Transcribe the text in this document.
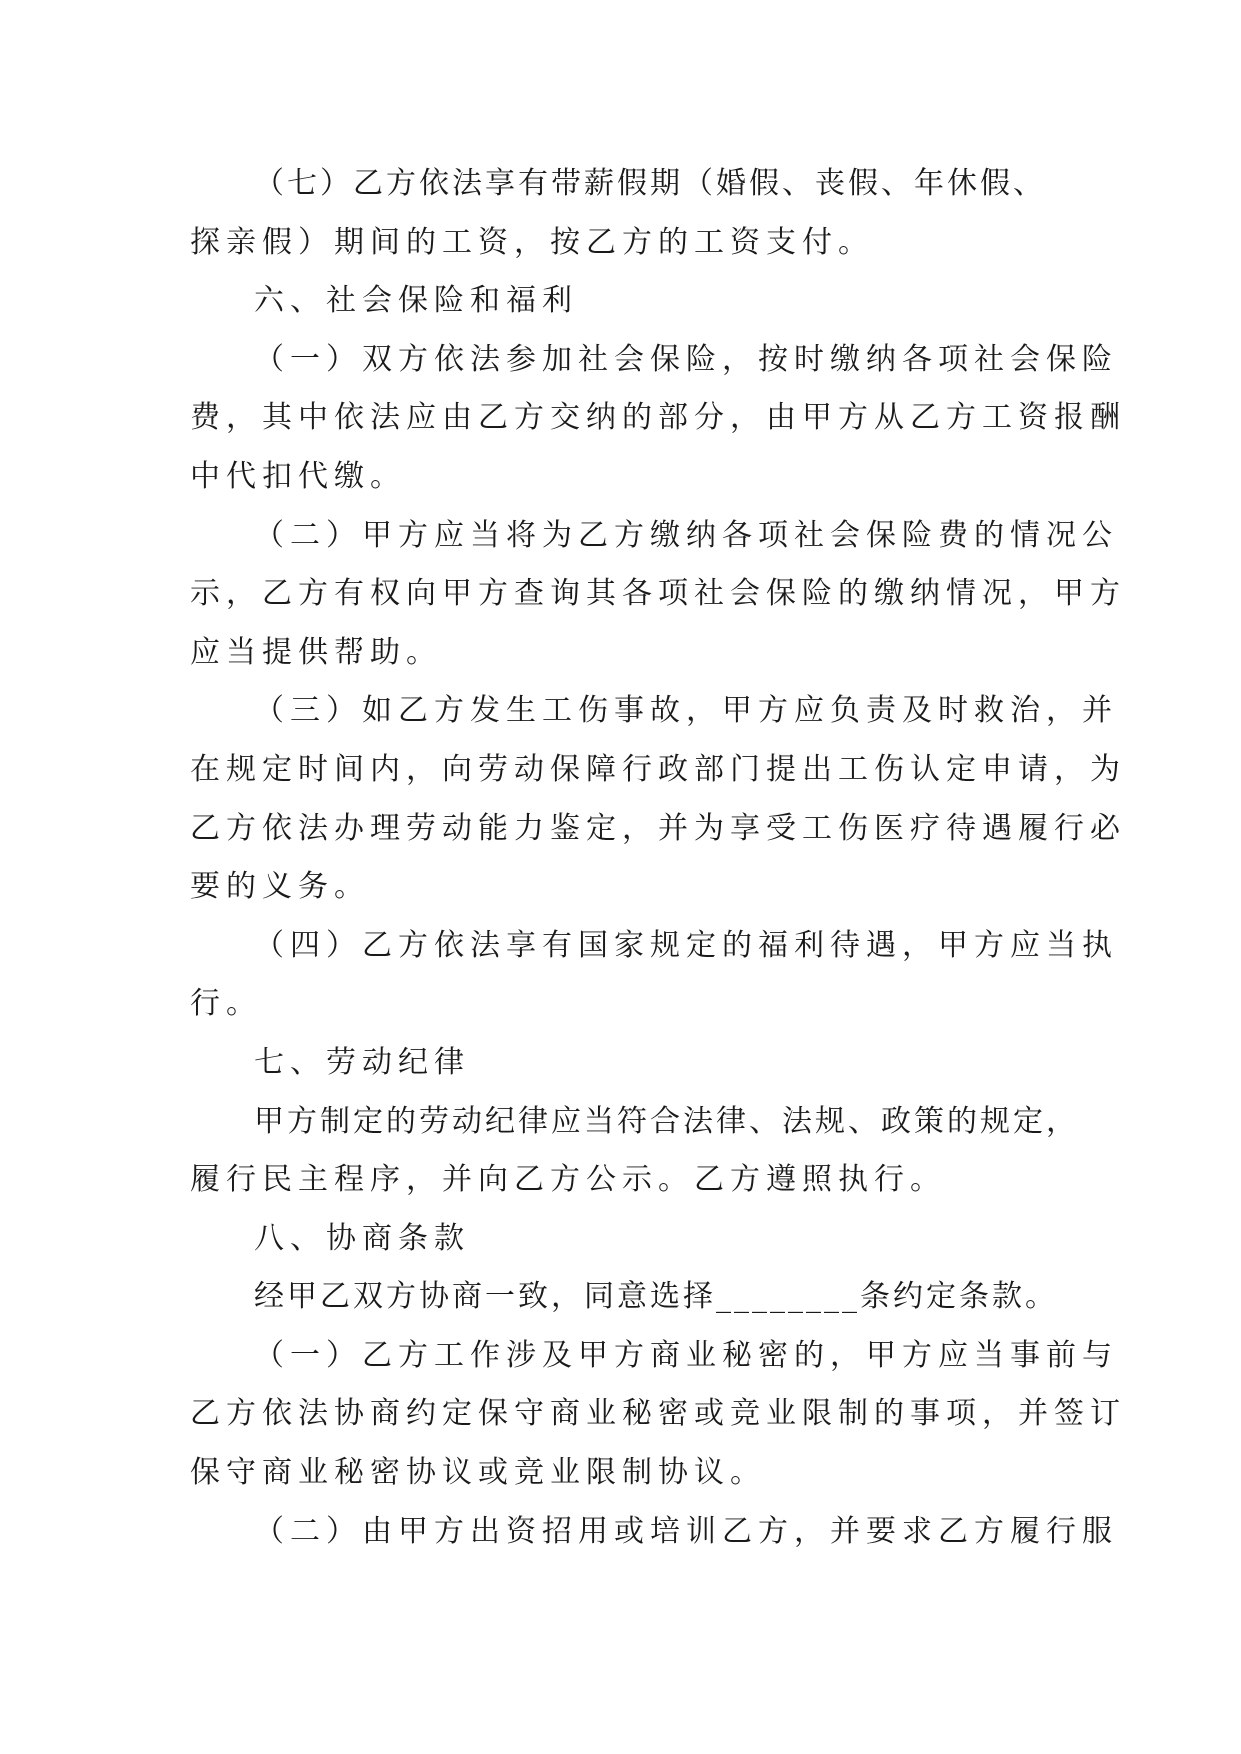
（七）乙方依法享有带薪假期（婚假、丧假、年休假、
探亲假）期间的工资，按乙方的工资支付。
六、社会保险和福利
（一）双方依法参加社会保险，按时缴纳各项社会保险
费，其中依法应由乙方交纳的部分，由甲方从乙方工资报酬
中代扣代缴。
（二）甲方应当将为乙方缴纳各项社会保险费的情况公
示，乙方有权向甲方查询其各项社会保险的缴纳情况，甲方
应当提供帮助。
（三）如乙方发生工伤事故，甲方应负责及时救治，并
在规定时间内，向劳动保障行政部门提出工伤认定申请，为
乙方依法办理劳动能力鉴定，并为享受工伤医疗待遇履行必
要的义务。
（四）乙方依法享有国家规定的福利待遇，甲方应当执
行。
七、劳动纪律
甲方制定的劳动纪律应当符合法律、法规、政策的规定，
履行民主程序，并向乙方公示。乙方遵照执行。
八、协商条款
经甲乙双方协商一致，同意选择________条约定条款。
（一）乙方工作涉及甲方商业秘密的，甲方应当事前与
乙方依法协商约定保守商业秘密或竞业限制的事项，并签订
保守商业秘密协议或竞业限制协议。
（二）由甲方出资招用或培训乙方，并要求乙方履行服
